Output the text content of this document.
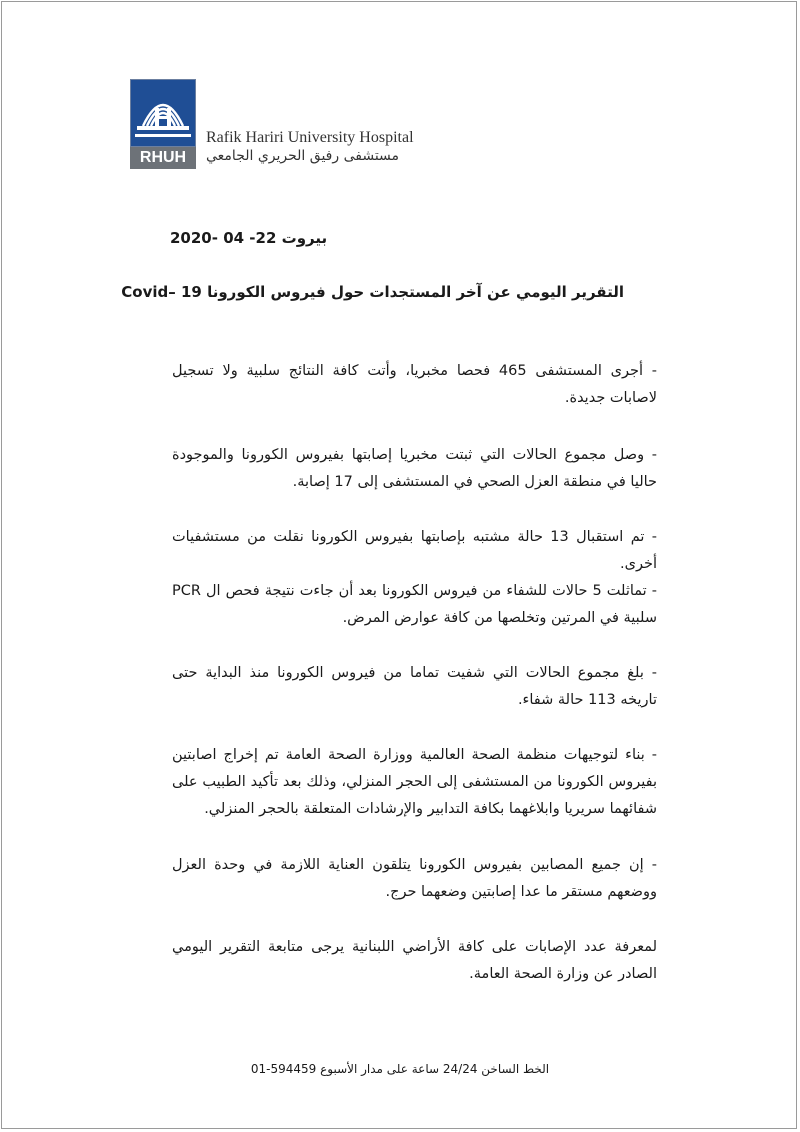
RHUH
Rafik Hariri University Hospital
مستشفى رفيق الحريري الجامعي
بيروت 22- 04 -2020
التقرير اليومي عن آخر المستجدات حول فيروس الكورونا Covid– 19
- أجرى المستشفى 465 فحصا مخبريا، وأتت كافة النتائج سلبية ولا تسجيل لاصابات جديدة.
- وصل مجموع الحالات التي ثبتت مخبريا إصابتها بفيروس الكورونا والموجودة حاليا في منطقة العزل الصحي في المستشفى إلى 17 إصابة.
- تم استقبال 13 حالة مشتبه بإصابتها بفيروس الكورونا نقلت من مستشفيات أخرى.
- تماثلت 5 حالات للشفاء من فيروس الكورونا بعد أن جاءت نتيجة فحص ال PCR سلبية في المرتين وتخلصها من كافة عوارض المرض.
- بلغ مجموع الحالات التي شفيت تماما من فيروس الكورونا منذ البداية حتى تاريخه 113 حالة شفاء.
- بناء لتوجيهات منظمة الصحة العالمية ووزارة الصحة العامة تم إخراج اصابتين بفيروس الكورونا من المستشفى إلى الحجر المنزلي، وذلك بعد تأكيد الطبيب على شفائهما سريريا وابلاغهما بكافة التدابير والإرشادات المتعلقة بالحجر المنزلي.
- إن جميع المصابين بفيروس الكورونا يتلقون العناية اللازمة في وحدة العزل ووضعهم مستقر ما عدا إصابتين وضعهما حرج.
لمعرفة عدد الإصابات على كافة الأراضي اللبنانية يرجى متابعة التقرير اليومي الصادر عن وزارة الصحة العامة.
الخط الساخن 24/24 ساعة على مدار الأسبوع 594459-01
